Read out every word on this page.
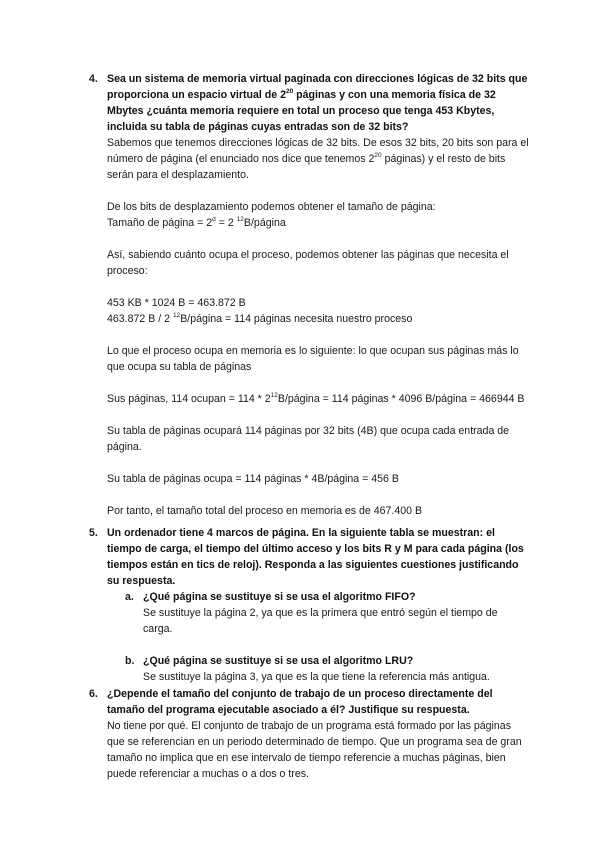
4. Sea un sistema de memoria virtual paginada con direcciones lógicas de 32 bits que proporciona un espacio virtual de $2^{20}$ páginas y con una memoria física de 32 Mbytes ¿cuánta memoria requiere en total un proceso que tenga 453 Kbytes, incluida su tabla de páginas cuyas entradas son de 32 bits?

Sabemos que tenemos direcciones lógicas de 32 bits. De esos 32 bits, 20 bits son para el número de página (el enunciado nos dice que tenemos $2^{20}$ páginas) y el resto de bits serán para el desplazamiento.

De los bits de desplazamiento podemos obtener el tamaño de página:

Tamaño de página = $2^d = 2$ $^{12}$B/página

Así, sabiendo cuánto ocupa el proceso, podemos obtener las páginas que necesita el proceso:

453 KB * 1024 B = 463.872 B

463.872 B / 2 $^{12}$B/página = 114 páginas necesita nuestro proceso

Lo que el proceso ocupa en memoria es lo siguiente: lo que ocupan sus páginas más lo que ocupa su tabla de páginas

Sus páginas, 114 ocupan = $114 * 2^{12}B$/página = 114 páginas * 4096 B/página = 466944 B

Su tabla de páginas ocupará 114 páginas por 32 bits (4B) que ocupa cada entrada de página.

Su tabla de páginas ocupa = 114 páginas * 4B/página = 456 B

Por tanto, el tamaño total del proceso en memoria es de 467.400 B

5. Un ordenador tiene 4 marcos de página. En la siguiente tabla se muestran: el tiempo de carga, el tiempo del último acceso y los bits R y M para cada página (los tiempos están en tics de reloj). Responda a las siguientes cuestiones justificando su respuesta.

a. ¿Qué página se sustituye si se usa el algoritmo FIFO?

Se sustituye la página 2, ya que es la primera que entró según el tiempo de carga.

b. ¿Qué página se sustituye si se usa el algoritmo LRU?

Se sustituye la página 3, ya que es la que tiene la referencia más antigua.

6. ¿Depende el tamaño del conjunto de trabajo de un proceso directamente del tamaño del programa ejecutable asociado a él? Justifique su respuesta.

No tiene por qué. El conjunto de trabajo de un programa está formado por las páginas que se referencian en un periodo determinado de tiempo. Que un programa sea de gran tamaño no implica que en ese intervalo de tiempo referencie a muchas páginas, bien puede referenciar a muchas o a dos o tres.
